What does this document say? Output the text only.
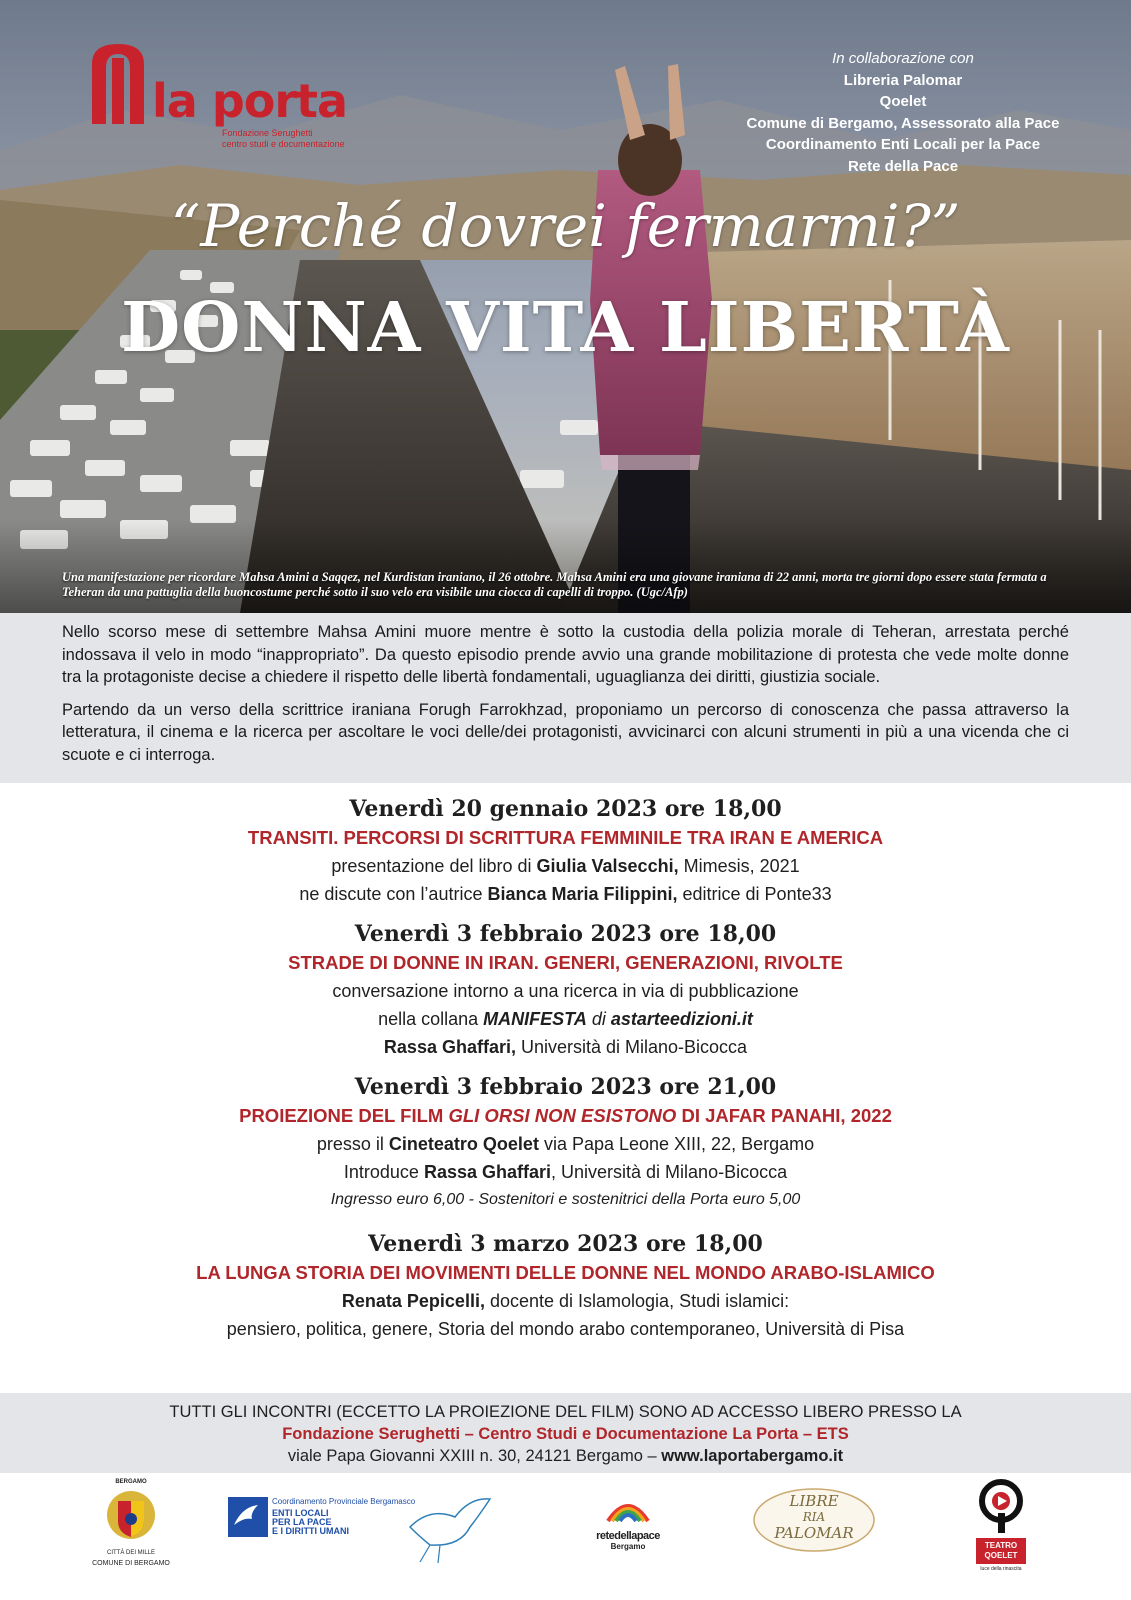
la porta
Fondazione Serughetti
centro studi e documentazione
In collaborazione con
Libreria Palomar
Qoelet
Comune di Bergamo, Assessorato alla Pace
Coordinamento Enti Locali per la Pace
Rete della Pace
“Perché dovrei fermarmi?”
DONNA VITA LIBERTÀ
Una manifestazione per ricordare Mahsa Amini a Saqqez, nel Kurdistan iraniano, il 26 ottobre. Mahsa Amini era una giovane iraniana di 22 anni, morta tre giorni dopo essere stata fermata a Teheran da una pattuglia della buoncostume perché sotto il suo velo era visibile una ciocca di capelli di troppo. (Ugc/Afp)

Nello scorso mese di settembre Mahsa Amini muore mentre è sotto la custodia della polizia morale di Teheran, arrestata perché indossava il velo in modo “inappropriato”. Da questo episodio prende avvio una grande mobilitazione di protesta che vede molte donne tra la protagoniste decise a chiedere il rispetto delle libertà fondamentali, uguaglianza dei diritti, giustizia sociale.

Partendo da un verso della scrittrice iraniana Forugh Farrokhzad, proponiamo un percorso di conoscenza che passa attraverso la letteratura, il cinema e la ricerca per ascoltare le voci delle/dei protagonisti, avvicinarci con alcuni strumenti in più a una vicenda che ci scuote e ci interroga.

Venerdì 20 gennaio 2023 ore 18,00
TRANSITI. PERCORSI DI SCRITTURA FEMMINILE TRA IRAN E AMERICA
presentazione del libro di Giulia Valsecchi, Mimesis, 2021
ne discute con l’autrice Bianca Maria Filippini, editrice di Ponte33
Venerdì 3 febbraio 2023 ore 18,00
STRADE DI DONNE IN IRAN. GENERI, GENERAZIONI, RIVOLTE
conversazione intorno a una ricerca in via di pubblicazione
nella collana MANIFESTA di astarteedizioni.it
Rassa Ghaffari, Università di Milano-Bicocca
Venerdì 3 febbraio 2023 ore 21,00
PROIEZIONE DEL FILM GLI ORSI NON ESISTONO DI JAFAR PANAHI, 2022
presso il Cineteatro Qoelet via Papa Leone XIII, 22, Bergamo
Introduce Rassa Ghaffari, Università di Milano-Bicocca
Ingresso euro 6,00 - Sostenitori e sostenitrici della Porta euro 5,00
Venerdì 3 marzo 2023 ore 18,00
LA LUNGA STORIA DEI MOVIMENTI DELLE DONNE NEL MONDO ARABO-ISLAMICO
Renata Pepicelli, docente di Islamologia, Studi islamici:
pensiero, politica, genere, Storia del mondo arabo contemporaneo, Università di Pisa
TUTTI GLI INCONTRI (ECCETTO LA PROIEZIONE DEL FILM) SONO AD ACCESSO LIBERO PRESSO LA
Fondazione Serughetti – Centro Studi e Documentazione La Porta – ETS
viale Papa Giovanni XXIII n. 30, 24121 Bergamo – www.laportabergamo.it
BERGAMO
CITTÀ DEI MILLE
COMUNE DI BERGAMO
Coordinamento Provinciale Bergamasco
ENTI LOCALI
PER LA PACE
E I DIRITTI UMANI	retedellapace
Bergamo
LIBRE
RIA
PALOMAR
TEATRO
QOELET
luce della rinascita
